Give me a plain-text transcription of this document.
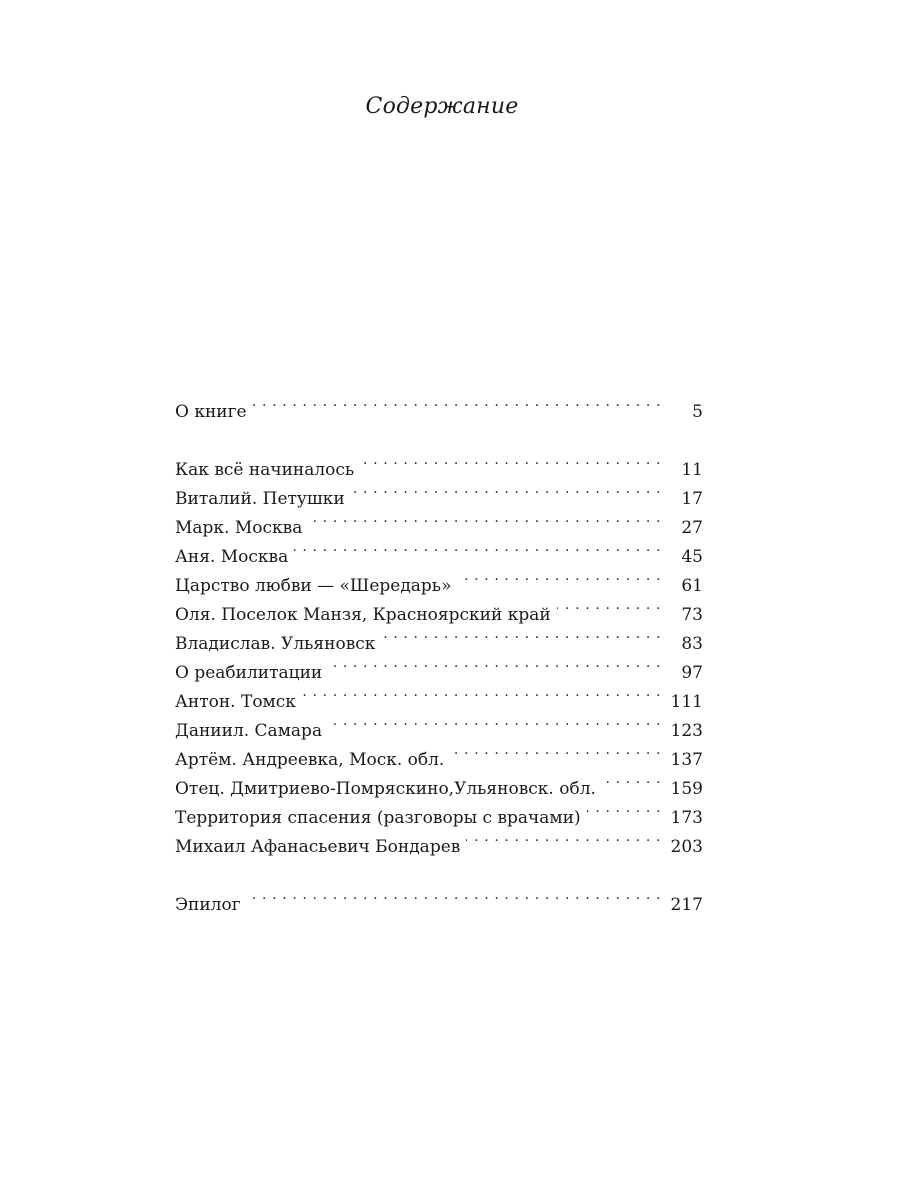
Содержание
О книге . . .	5
Как всё начиналось . . .	11
Виталий. Петушки . . .	17
Марк. Москва . . .	27
Аня. Москва . . .	45
Царство любви — «Шередарь» . . .	61
Оля. Поселок Манзя, Красноярский край . . .	73
Владислав. Ульяновск . . .	83
О реабилитации . . .	97
Антон. Томск . . .	111
Даниил. Самара . . .	123
Артём. Андреевка, Моск. обл. . . .	137
Отец. Дмитриево-Помряскино,Ульяновск. обл. . . .	159
Территория спасения (разговоры с врачами) . . .	173
Михаил Афанасьевич Бондарев . . .	203
Эпилог . . .	217
